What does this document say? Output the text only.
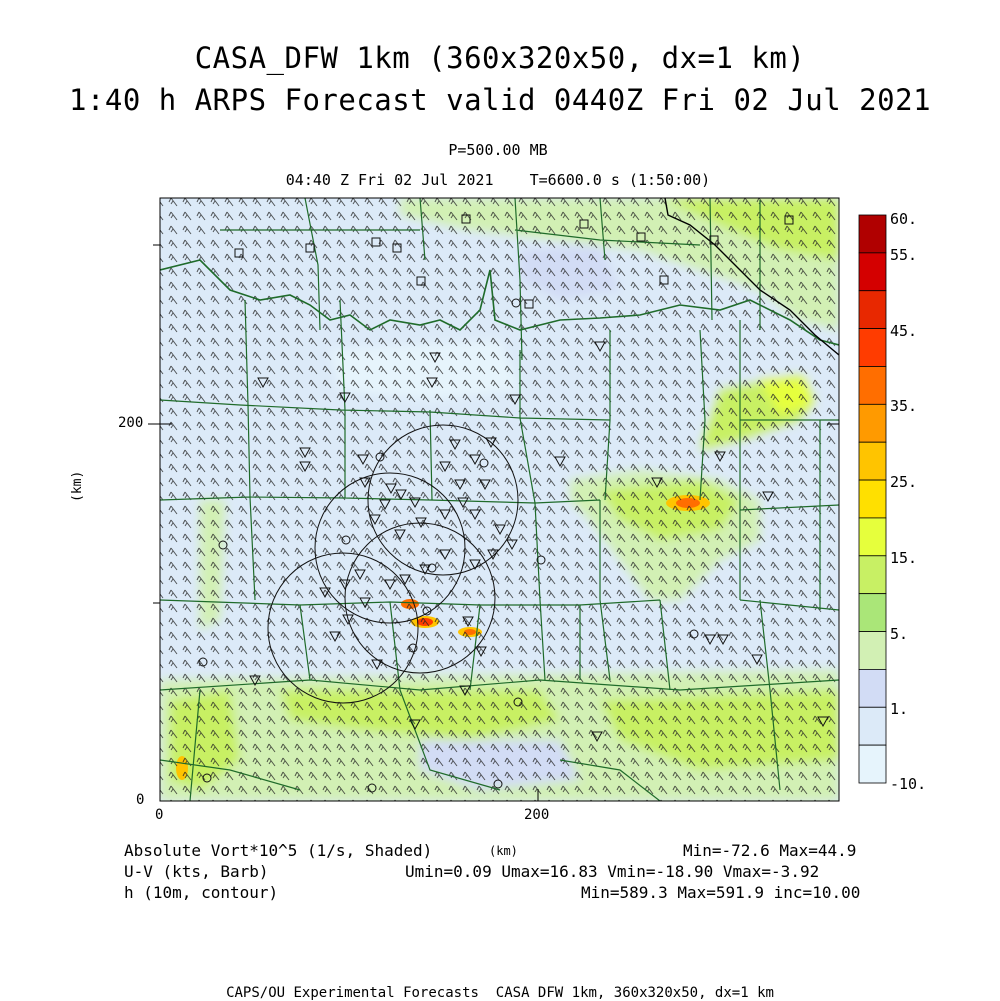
CASA_DFW 1km (360x320x50, dx=1 km)
1:40 h ARPS Forecast valid 0440Z Fri 02 Jul 2021
P=500.00 MB
04:40 Z Fri 02 Jul 2021    T=6600.0 s (1:50:00)
(km)
0
200
0	200
(km)
60.
55.
45.
35.
25.
15.
5.
1.
-10.
Absolute Vort*10^5 (1/s, Shaded)	Min=-72.6 Max=44.9
U-V (kts, Barb)	Umin=0.09 Umax=16.83 Vmin=-18.90 Vmax=-3.92
h (10m, contour)	Min=589.3 Max=591.9 inc=10.00
CAPS/OU Experimental Forecasts  CASA DFW 1km, 360x320x50, dx=1 km
